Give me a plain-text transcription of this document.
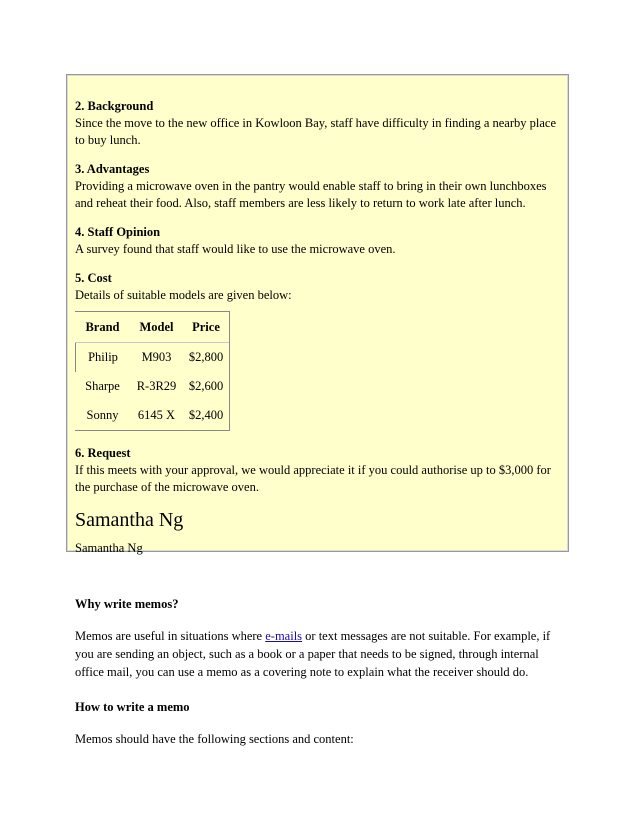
2. Background

Since the move to the new office in Kowloon Bay, staff have difficulty in finding a nearby place to buy lunch.

3. Advantages

Providing a microwave oven in the pantry would enable staff to bring in their own lunchboxes and reheat their food. Also, staff members are less likely to return to work late after lunch.

4. Staff Opinion

A survey found that staff would like to use the microwave oven.

5. Cost

Details of suitable models are given below:

Brand	Model	Price
Philip	M903	$2,800
Sharpe	R-3R29	$2,600
Sonny	6145 X	$2,400
6. Request

If this meets with your approval, we would appreciate it if you could authorise up to $3,000 for the purchase of the microwave oven.

Samantha Ng

Samantha Ng

Why write memos?

Memos are useful in situations where e-mails or text messages are not suitable. For example, if you are sending an object, such as a book or a paper that needs to be signed, through internal office mail, you can use a memo as a covering note to explain what the receiver should do.

How to write a memo

Memos should have the following sections and content:
